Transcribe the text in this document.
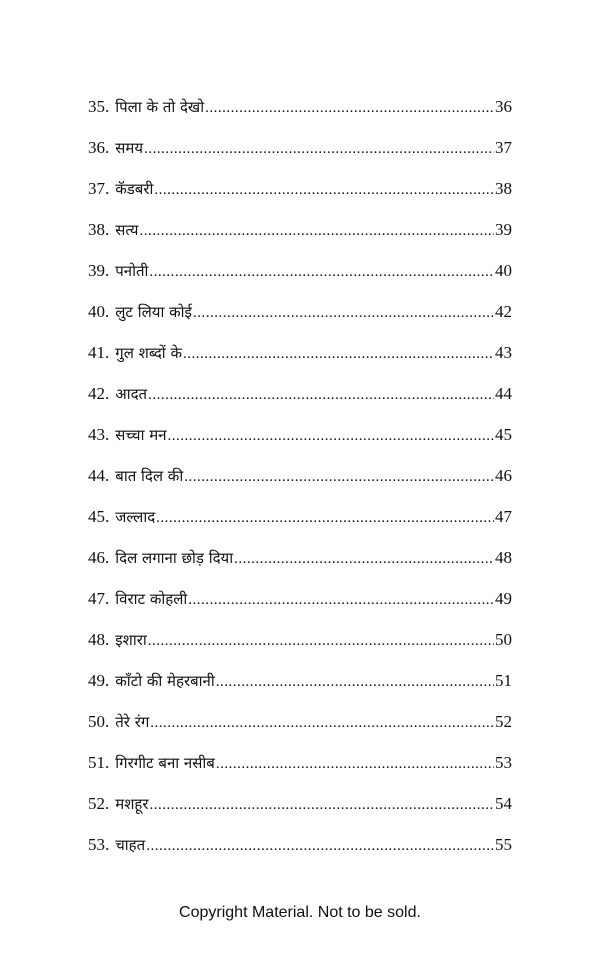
35. पिला के तो देखो .....	36
36. समय .....	37
37. कॅडबरी .....	38
38. सत्य .....	39
39. पनोती .....	40
40. लुट लिया कोई .....	42
41. गुल शब्दों के .....	43
42. आदत .....	44
43. सच्चा मन .....	45
44. बात दिल की .....	46
45. जल्लाद .....	47
46. दिल लगाना छोड़ दिया .....	48
47. विराट कोहली .....	49
48. इशारा .....	50
49. काँटो की मेहरबानी .....	51
50. तेरे रंग .....	52
51. गिरगीट बना नसीब .....	53
52. मशहूर .....	54
53. चाहत .....	55
Copyright Material. Not to be sold.
